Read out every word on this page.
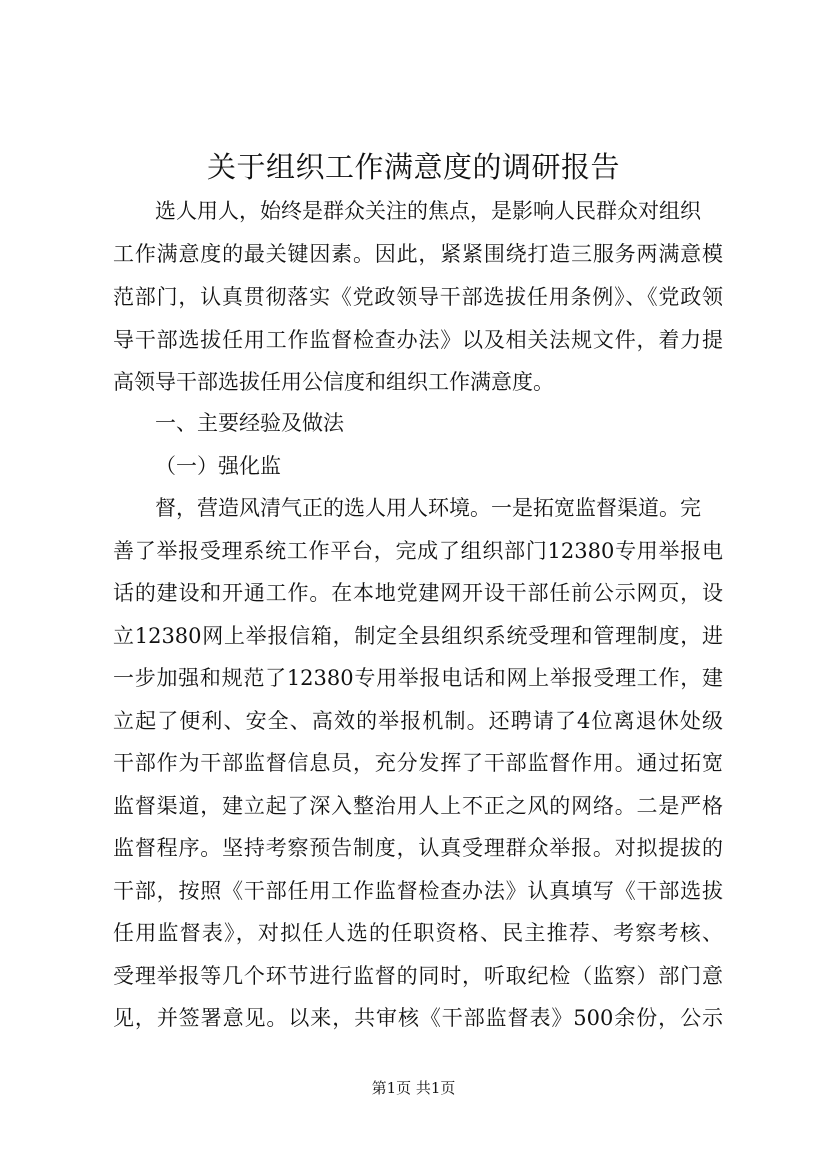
关于组织工作满意度的调研报告

选人用人，始终是群众关注的焦点，是影响人民群众对组织

工作满意度的最关键因素。因此，紧紧围绕打造三服务两满意模

范部门，认真贯彻落实《党政领导干部选拔任用条例》、《党政领

导干部选拔任用工作监督检查办法》以及相关法规文件，着力提

高领导干部选拔任用公信度和组织工作满意度。

一、主要经验及做法

（一）强化监

督，营造风清气正的选人用人环境。一是拓宽监督渠道。完

善了举报受理系统工作平台，完成了组织部门12380专用举报电

话的建设和开通工作。在本地党建网开设干部任前公示网页，设

立12380网上举报信箱，制定全县组织系统受理和管理制度，进

一步加强和规范了12380专用举报电话和网上举报受理工作，建

立起了便利、安全、高效的举报机制。还聘请了4位离退休处级

干部作为干部监督信息员，充分发挥了干部监督作用。通过拓宽

监督渠道，建立起了深入整治用人上不正之风的网络。二是严格

监督程序。坚持考察预告制度，认真受理群众举报。对拟提拔的

干部，按照《干部任用工作监督检查办法》认真填写《干部选拔

任用监督表》，对拟任人选的任职资格、民主推荐、考察考核、

受理举报等几个环节进行监督的同时，听取纪检（监察）部门意

见，并签署意见。以来，共审核《干部监督表》500余份，公示

第1页 共1页
